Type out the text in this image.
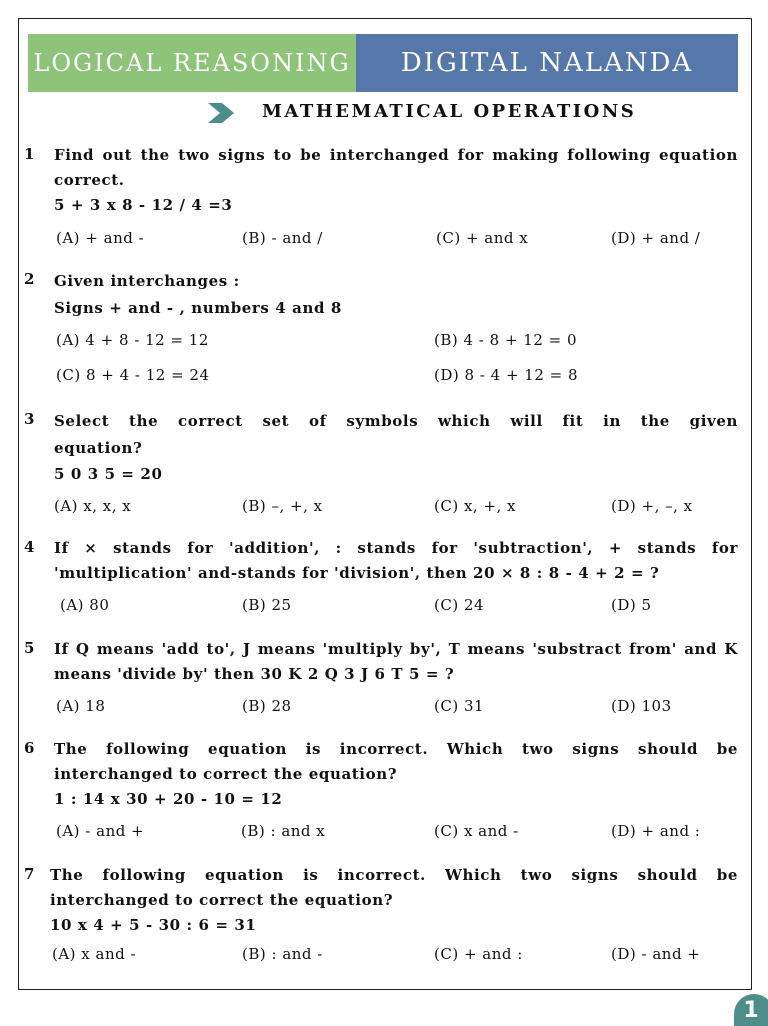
LOGICAL REASONING	DIGITAL NALANDA
MATHEMATICAL OPERATIONS
1 Find out the two signs to be interchanged for making following equation
correct.
5 + 3 x 8 - 12 / 4 =3
(A) + and -	(B) - and /	(C) + and x	(D) + and /
2 Given interchanges :
Signs + and - , numbers 4 and 8
(A) 4 + 8 - 12 = 12	(B) 4 - 8 + 12 = 0
(C) 8 + 4 - 12 = 24	(D) 8 - 4 + 12 = 8
3 Select the correct set of symbols which will fit in the given
equation?
5 0 3 5 = 20
(A) x, x, x	(B) –, +, x	(C) x, +, x	(D) +, –, x
4 If × stands for 'addition', : stands for 'subtraction', + stands for
'multiplication' and-stands for 'division', then 20 × 8 : 8 - 4 + 2 = ?
(A) 80	(B) 25	(C) 24	(D) 5
5 If Q means 'add to', J means 'multiply by', T means 'substract from' and K
means 'divide by' then 30 K 2 Q 3 J 6 T 5 = ?
(A) 18	(B) 28	(C) 31	(D) 103
6 The following equation is incorrect. Which two signs should be
interchanged to correct the equation?
1 : 14 x 30 + 20 - 10 = 12
(A) - and +	(B) : and x	(C) x and -	(D) + and :
7 The following equation is incorrect. Which two signs should be
interchanged to correct the equation?
10 x 4 + 5 - 30 : 6 = 31
(A) x and -	(B) : and -	(C) + and :	(D) - and +
1
